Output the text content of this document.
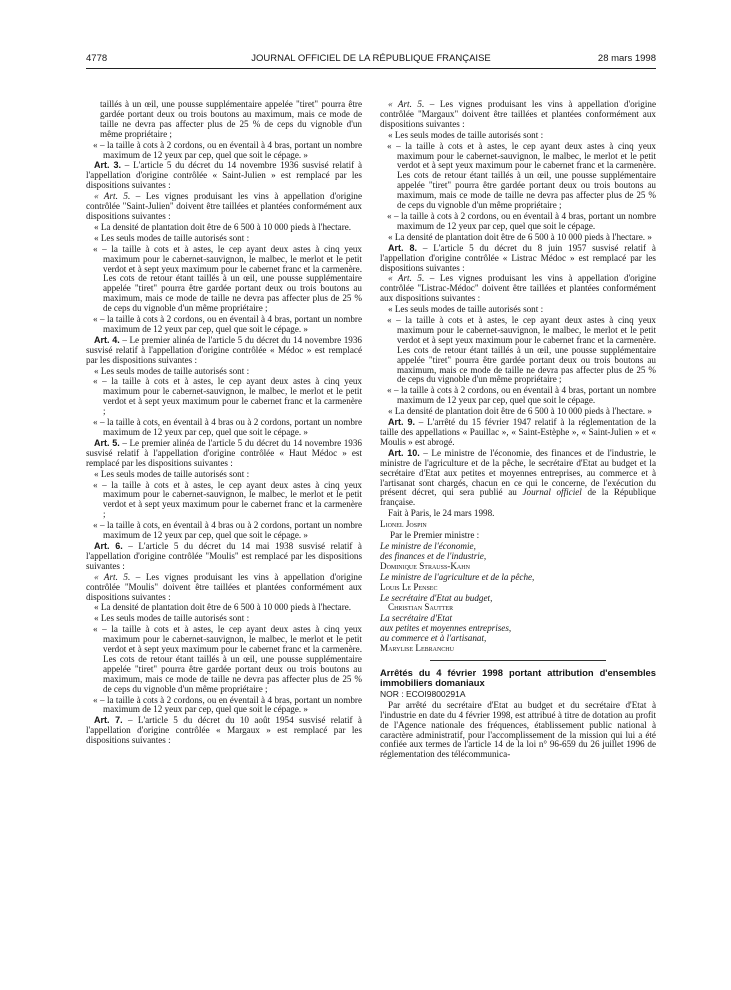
4778	JOURNAL OFFICIEL DE LA RÉPUBLIQUE FRANÇAISE	28 mars 1998

taillés à un œil, une pousse supplémentaire appelée "tiret" pourra être gardée portant deux ou trois boutons au maximum, mais ce mode de taille ne devra pas affecter plus de 25 % de ceps du vignoble d'un même propriétaire ;

« – la taille à cots à 2 cordons, ou en éventail à 4 bras, portant un nombre maximum de 12 yeux par cep, quel que soit le cépage. »

Art. 3. – L'article 5 du décret du 14 novembre 1936 susvisé relatif à l'appellation d'origine contrôlée « Saint-Julien » est remplacé par les dispositions suivantes :

« Art. 5. – Les vignes produisant les vins à appellation d'origine contrôlée "Saint-Julien" doivent être taillées et plantées conformément aux dispositions suivantes :

« La densité de plantation doit être de 6 500 à 10 000 pieds à l'hectare.

« Les seuls modes de taille autorisés sont :

« – la taille à cots et à astes, le cep ayant deux astes à cinq yeux maximum pour le cabernet-sauvignon, le malbec, le merlot et le petit verdot et à sept yeux maximum pour le cabernet franc et la carmenère. Les cots de retour étant taillés à un œil, une pousse supplémentaire appelée "tiret" pourra être gardée portant deux ou trois boutons au maximum, mais ce mode de taille ne devra pas affecter plus de 25 % de ceps du vignoble d'un même propriétaire ;

« – la taille à cots à 2 cordons, ou en éventail à 4 bras, portant un nombre maximum de 12 yeux par cep, quel que soit le cépage. »

Art. 4. – Le premier alinéa de l'article 5 du décret du 14 novembre 1936 susvisé relatif à l'appellation d'origine contrôlée « Médoc » est remplacé par les dispositions suivantes :

« Les seuls modes de taille autorisés sont :

« – la taille à cots et à astes, le cep ayant deux astes à cinq yeux maximum pour le cabernet-sauvignon, le malbec, le merlot et le petit verdot et à sept yeux maximum pour le cabernet franc et la carmenère ;

« – la taille à cots, en éventail à 4 bras ou à 2 cordons, portant un nombre maximum de 12 yeux par cep, quel que soit le cépage. »

Art. 5. – Le premier alinéa de l'article 5 du décret du 14 novembre 1936 susvisé relatif à l'appellation d'origine contrôlée « Haut Médoc » est remplacé par les dispositions suivantes :

« Les seuls modes de taille autorisés sont :

« – la taille à cots et à astes, le cep ayant deux astes à cinq yeux maximum pour le cabernet-sauvignon, le malbec, le merlot et le petit verdot et à sept yeux maximum pour le cabernet franc et la carmenère ;

« – la taille à cots, en éventail à 4 bras ou à 2 cordons, portant un nombre maximum de 12 yeux par cep, quel que soit le cépage. »

Art. 6. – L'article 5 du décret du 14 mai 1938 susvisé relatif à l'appellation d'origine contrôlée "Moulis" est remplacé par les dispositions suivantes :

« Art. 5. – Les vignes produisant les vins à appellation d'origine contrôlée "Moulis" doivent être taillées et plantées conformément aux dispositions suivantes :

« La densité de plantation doit être de 6 500 à 10 000 pieds à l'hectare.

« Les seuls modes de taille autorisés sont :

« – la taille à cots et à astes, le cep ayant deux astes à cinq yeux maximum pour le cabernet-sauvignon, le malbec, le merlot et le petit verdot et à sept yeux maximum pour le cabernet franc et la carmenère. Les cots de retour étant taillés à un œil, une pousse supplémentaire appelée "tiret" pourra être gardée portant deux ou trois boutons au maximum, mais ce mode de taille ne devra pas affecter plus de 25 % de ceps du vignoble d'un même propriétaire ;

« – la taille à cots à 2 cordons, ou en éventail à 4 bras, portant un nombre maximum de 12 yeux par cep, quel que soit le cépage. »

Art. 7. – L'article 5 du décret du 10 août 1954 susvisé relatif à l'appellation d'origine contrôlée « Margaux » est remplacé par les dispositions suivantes :

« Art. 5. – Les vignes produisant les vins à appellation d'origine contrôlée "Margaux" doivent être taillées et plantées conformément aux dispositions suivantes :

« Les seuls modes de taille autorisés sont :

« – la taille à cots et à astes, le cep ayant deux astes à cinq yeux maximum pour le cabernet-sauvignon, le malbec, le merlot et le petit verdot et à sept yeux maximum pour le cabernet franc et la carmenère. Les cots de retour étant taillés à un œil, une pousse supplémentaire appelée "tiret" pourra être gardée portant deux ou trois boutons au maximum, mais ce mode de taille ne devra pas affecter plus de 25 % de ceps du vignoble d'un même propriétaire ;

« – la taille à cots à 2 cordons, ou en éventail à 4 bras, portant un nombre maximum de 12 yeux par cep, quel que soit le cépage.

« La densité de plantation doit être de 6 500 à 10 000 pieds à l'hectare. »

Art. 8. – L'article 5 du décret du 8 juin 1957 susvisé relatif à l'appellation d'origine contrôlée « Listrac Médoc » est remplacé par les dispositions suivantes :

« Art. 5. – Les vignes produisant les vins à appellation d'origine contrôlée "Listrac-Médoc" doivent être taillées et plantées conformément aux dispositions suivantes :

« Les seuls modes de taille autorisés sont :

« – la taille à cots et à astes, le cep ayant deux astes à cinq yeux maximum pour le cabernet-sauvignon, le malbec, le merlot et le petit verdot et à sept yeux maximum pour le cabernet franc et la carmenère. Les cots de retour étant taillés à un œil, une pousse supplémentaire appelée "tiret" pourra être gardée portant deux ou trois boutons au maximum, mais ce mode de taille ne devra pas affecter plus de 25 % de ceps du vignoble d'un même propriétaire ;

« – la taille à cots à 2 cordons, ou en éventail à 4 bras, portant un nombre maximum de 12 yeux par cep, quel que soit le cépage.

« La densité de plantation doit être de 6 500 à 10 000 pieds à l'hectare. »

Art. 9. – L'arrêté du 15 février 1947 relatif à la réglementation de la taille des appellations « Pauillac », « Saint-Estèphe », « Saint-Julien » et « Moulis » est abrogé.

Art. 10. – Le ministre de l'économie, des finances et de l'industrie, le ministre de l'agriculture et de la pêche, le secrétaire d'Etat au budget et la secrétaire d'Etat aux petites et moyennes entreprises, au commerce et à l'artisanat sont chargés, chacun en ce qui le concerne, de l'exécution du présent décret, qui sera publié au Journal officiel de la République française.

Fait à Paris, le 24 mars 1998.

Lionel Jospin

Par le Premier ministre :

Le ministre de l'économie,

des finances et de l'industrie,

Dominique Strauss-Kahn

Le ministre de l'agriculture et de la pêche,

Louis Le Pensec

Le secrétaire d'Etat au budget,

Christian Sautter

La secrétaire d'Etat

aux petites et moyennes entreprises,

au commerce et à l'artisanat,

Marylise Lebranchu

Arrêtés du 4 février 1998 portant attribution d'ensembles immobiliers domaniaux

NOR : ECOI9800291A

Par arrêté du secrétaire d'Etat au budget et du secrétaire d'Etat à l'industrie en date du 4 février 1998, est attribué à titre de dotation au profit de l'Agence nationale des fréquences, établissement public national à caractère administratif, pour l'accomplissement de la mission qui lui a été confiée aux termes de l'article 14 de la loi n° 96-659 du 26 juillet 1996 de réglementation des télécommunica-
